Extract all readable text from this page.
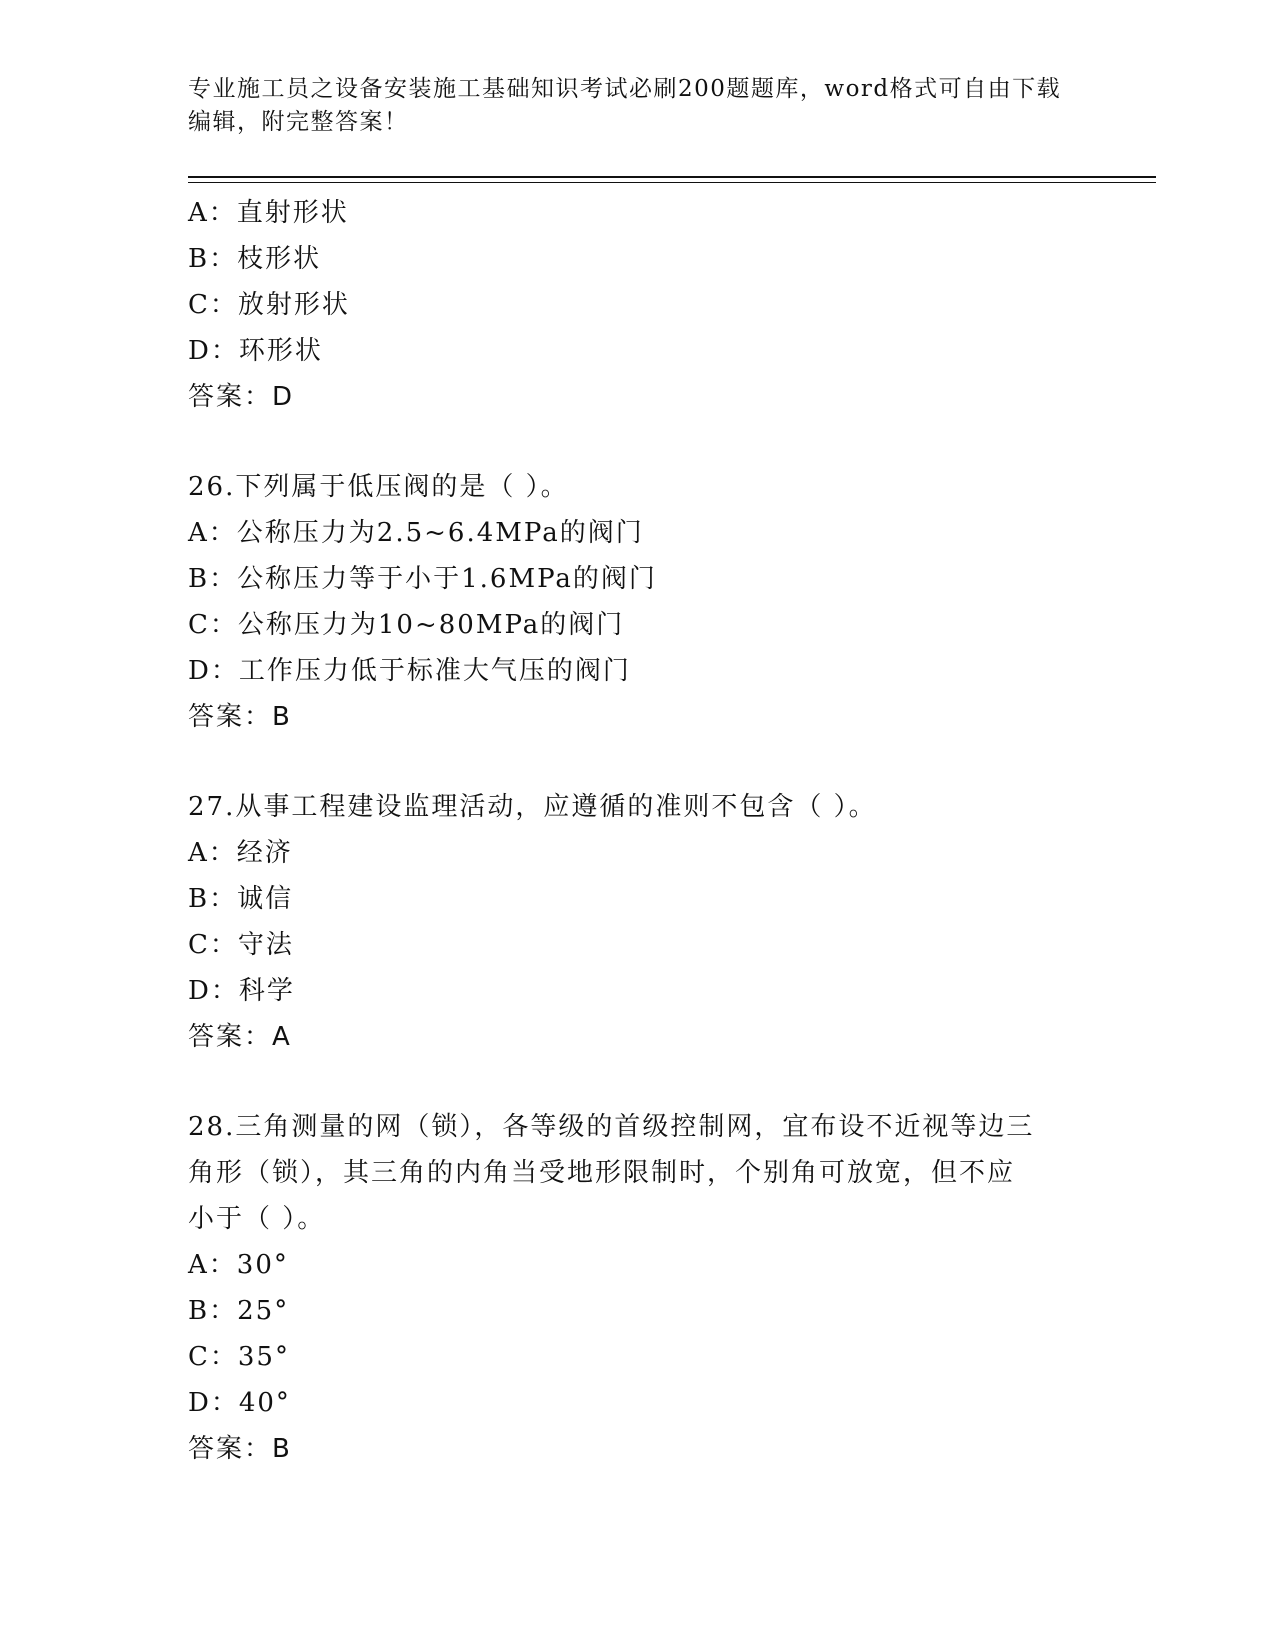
专业施工员之设备安装施工基础知识考试必刷200题题库，word格式可自由下载
编辑，附完整答案！
A：直射形状
B：枝形状
C：放射形状
D：环形状
答案：D
26.下列属于低压阀的是（ ）。
A：公称压力为2.5~6.4MPa的阀门
B：公称压力等于小于1.6MPa的阀门
C：公称压力为10~80MPa的阀门
D：工作压力低于标准大气压的阀门
答案：B
27.从事工程建设监理活动，应遵循的准则不包含（ ）。
A：经济
B：诚信
C：守法
D：科学
答案：A
28.三角测量的网（锁），各等级的首级控制网，宜布设不近视等边三
角形（锁），其三角的内角当受地形限制时，个别角可放宽，但不应
小于（ ）。
A：30°
B：25°
C：35°
D：40°
答案：B
